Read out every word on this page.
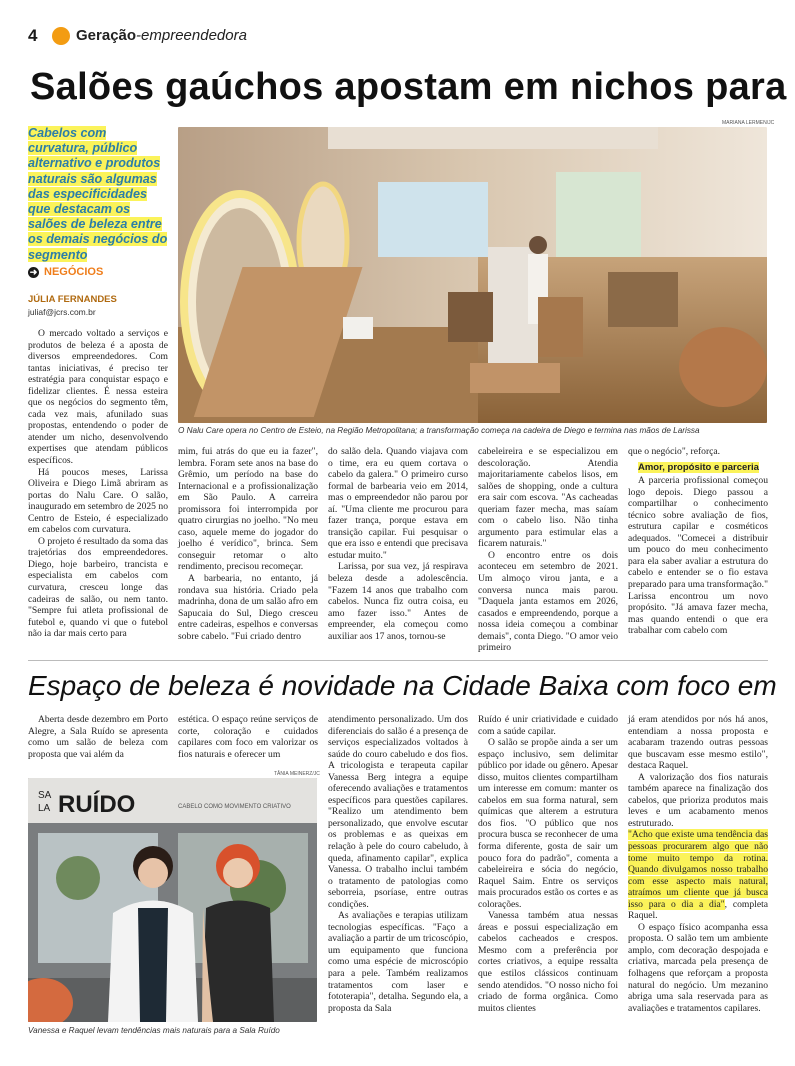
4	Geração-empreendedora
Salões gaúchos apostam em nichos para
Cabelos com curvatura, público alternativo e produtos naturais são algumas das especificidades que destacam os salões de beleza entre os demais negócios do segmento
➜ NEGÓCIOS
JÚLIA FERNANDES
juliaf@jcrs.com.br
MARIANA LERMEN/JC
O Nalu Care opera no Centro de Esteio, na Região Metropolitana; a transformação começa na cadeira de Diego e termina nas mãos de Larissa

O mercado voltado a serviços e produtos de beleza é a aposta de diversos empreendedores. Com tantas iniciativas, é preciso ter estratégia para conquistar espaço e fidelizar clientes. É nessa esteira que os negócios do segmento têm, cada vez mais, afunilado suas propostas, entendendo o poder de atender um nicho, desenvolvendo expertises que atendam públicos específicos.

Há poucos meses, Larissa Oliveira e Diego Limã abriram as portas do Nalu Care. O salão, inaugurado em setembro de 2025 no Centro de Esteio, é especializado em cabelos com curvatura.

O projeto é resultado da soma das trajetórias dos empreendedores. Diego, hoje barbeiro, trancista e especialista em cabelos com curvatura, cresceu longe das cadeiras de salão, ou nem tanto. "Sempre fui atleta profissional de futebol e, quando vi que o futebol não ia dar mais certo para

mim, fui atrás do que eu ia fazer", lembra. Foram sete anos na base do Grêmio, um período na base do Internacional e a profissionalização em São Paulo. A carreira promissora foi interrompida por quatro cirurgias no joelho. "No meu caso, aquele meme do jogador do joelho é verídico", brinca. Sem conseguir retomar o alto rendimento, precisou recomeçar.

A barbearia, no entanto, já rondava sua história. Criado pela madrinha, dona de um salão afro em Sapucaia do Sul, Diego cresceu entre cadeiras, espelhos e conversas sobre cabelo. "Fui criado dentro

do salão dela. Quando viajava com o time, era eu quem cortava o cabelo da galera." O primeiro curso formal de barbearia veio em 2014, mas o empreendedor não parou por aí. "Uma cliente me procurou para fazer trança, porque estava em transição capilar. Fui pesquisar o que era isso e entendi que precisava estudar muito."

Larissa, por sua vez, já respirava beleza desde a adolescência. "Fazem 14 anos que trabalho com cabelos. Nunca fiz outra coisa, eu amo fazer isso." Antes de empreender, ela começou como auxiliar aos 17 anos, tornou-se

cabeleireira e se especializou em descoloração. Atendia majoritariamente cabelos lisos, em salões de shopping, onde a cultura era sair com escova. "As cacheadas queriam fazer mecha, mas saíam com o cabelo liso. Não tinha argumento para estimular elas a ficarem naturais."

O encontro entre os dois aconteceu em setembro de 2021. Um almoço virou janta, e a conversa nunca mais parou. "Daquela janta estamos em 2026, casados e empreendendo, porque a nossa ideia começou a combinar demais", conta Diego. "O amor veio primeiro

que o negócio", reforça.

Amor, propósito e parceria

A parceria profissional começou logo depois. Diego passou a compartilhar o conhecimento técnico sobre avaliação de fios, estrutura capilar e cosméticos adequados. "Comecei a distribuir um pouco do meu conhecimento para ela saber avaliar a estrutura do cabelo e entender se o fio estava preparado para uma transformação." Larissa encontrou um novo propósito. "Já amava fazer mecha, mas quando entendi o que era trabalhar com cabelo com

Espaço de beleza é novidade na Cidade Baixa com foco em

Aberta desde dezembro em Porto Alegre, a Sala Ruído se apresenta como um salão de beleza com proposta que vai além da

estética. O espaço reúne serviços de corte, coloração e cuidados capilares com foco em valorizar os fios naturais e oferecer um

TÂNIA MEINERZ/JC
SA
LA RUÍDO	CABELO COMO MOVIMENTO CRIATIVO
Vanessa e Raquel levam tendências mais naturais para a Sala Ruído

atendimento personalizado. Um dos diferenciais do salão é a presença de serviços especializados voltados à saúde do couro cabeludo e dos fios. A tricologista e terapeuta capilar Vanessa Berg integra a equipe oferecendo avaliações e tratamentos específicos para questões capilares. "Realizo um atendimento bem personalizado, que envolve escutar os problemas e as queixas em relação à pele do couro cabeludo, à queda, afinamento capilar", explica Vanessa. O trabalho inclui também o tratamento de patologias como seborreia, psoríase, entre outras condições.

As avaliações e terapias utilizam tecnologias específicas. "Faço a avaliação a partir de um tricoscópio, um equipamento que funciona como uma espécie de microscópio para a pele. Também realizamos tratamentos com laser e fototerapia", detalha. Segundo ela, a proposta da Sala

Ruído é unir criatividade e cuidado com a saúde capilar.

O salão se propõe ainda a ser um espaço inclusivo, sem delimitar público por idade ou gênero. Apesar disso, muitos clientes compartilham um interesse em comum: manter os cabelos em sua forma natural, sem químicas que alterem a estrutura dos fios. "O público que nos procura busca se reconhecer de uma forma diferente, gosta de sair um pouco fora do padrão", comenta a cabeleireira e sócia do negócio, Raquel Saim. Entre os serviços mais procurados estão os cortes e as colorações.

Vanessa também atua nessas áreas e possui especialização em cabelos cacheados e crespos. Mesmo com a preferência por cortes criativos, a equipe ressalta que estilos clássicos continuam sendo atendidos. "O nosso nicho foi criado de forma orgânica. Como muitos clientes

já eram atendidos por nós há anos, entendiam a nossa proposta e acabaram trazendo outras pessoas que buscavam esse mesmo estilo", destaca Raquel.

A valorização dos fios naturais também aparece na finalização dos cabelos, que prioriza produtos mais leves e um acabamento menos estruturado.

"Acho que existe uma tendência das pessoas procurarem algo que não tome muito tempo da rotina. Quando divulgamos nosso trabalho com esse aspecto mais natural, atraímos um cliente que já busca isso para o dia a dia", completa Raquel.

O espaço físico acompanha essa proposta. O salão tem um ambiente amplo, com decoração despojada e criativa, marcada pela presença de folhagens que reforçam a proposta natural do negócio. Um mezanino abriga uma sala reservada para as avaliações e tratamentos capilares.
